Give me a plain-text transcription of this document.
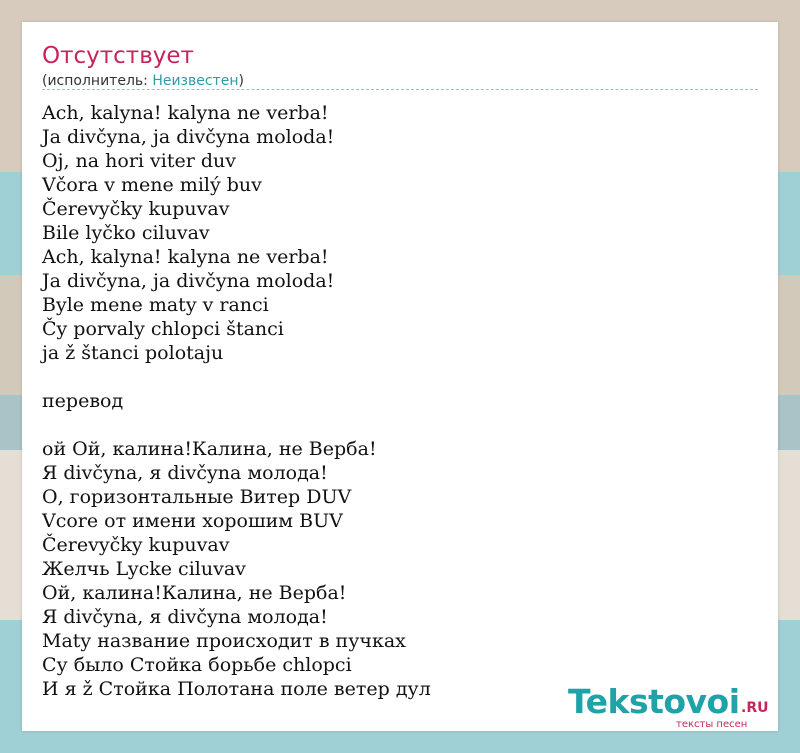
Отсутствует
(исполнитель: Неизвестен)
Ach, kalyna! kalyna ne verba!
Ja divčyna, ja divčyna moloda!
Oj, na hori viter duv
Včora v mene milý buv
Čerevyčky kupuvav
Bile lyčko ciluvav
Ach, kalyna! kalyna ne verba!
Ja divčyna, ja divčyna moloda!
Byle mene maty v ranci
Čy porvaly chlopci štanci
ja ž štanci polotaju
перевод
ой Ой, калина!Калина, не Верба!
Я divčyna, я divčyna молода!
О, горизонтальные Витер DUV
Vcore от имени хорошим BUV
Čerevyčky kupuvav
Желчь Lycke ciluvav
Ой, калина!Калина, не Верба!
Я divčyna, я divčyna молода!
Maty название происходит в пучках
Су было Стойка борьбе chlopci
И я ž Стойка Полотана поле ветер дул	Tekstovoi .RU
тексты песен
